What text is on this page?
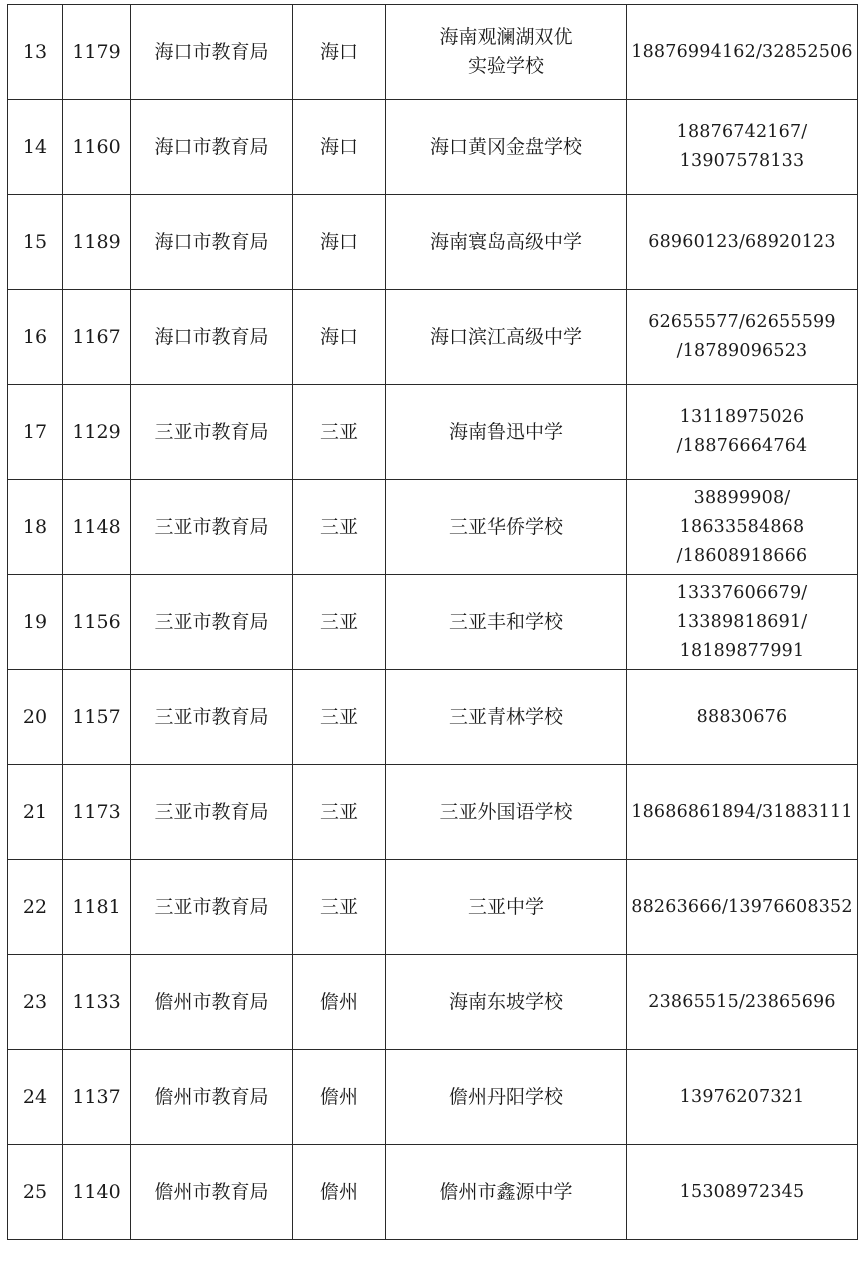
13	1179	海口市教育局	海口	海南观澜湖双优
实验学校	18876994162/32852506

14	1160	海口市教育局	海口	海口黄冈金盘学校	18876742167/
13907578133

15	1189	海口市教育局	海口	海南寰岛高级中学	68960123/68920123

16	1167	海口市教育局	海口	海口滨江高级中学	62655577/62655599
/18789096523

17	1129	三亚市教育局	三亚	海南鲁迅中学	13118975026
/18876664764

18	1148	三亚市教育局	三亚	三亚华侨学校	38899908/
18633584868
/18608918666

19	1156	三亚市教育局	三亚	三亚丰和学校	13337606679/
13389818691/
18189877991

20	1157	三亚市教育局	三亚	三亚青林学校	88830676

21	1173	三亚市教育局	三亚	三亚外国语学校	18686861894/31883111

22	1181	三亚市教育局	三亚	三亚中学	88263666/13976608352

23	1133	儋州市教育局	儋州	海南东坡学校	23865515/23865696

24	1137	儋州市教育局	儋州	儋州丹阳学校	13976207321

25	1140	儋州市教育局	儋州	儋州市鑫源中学	15308972345
